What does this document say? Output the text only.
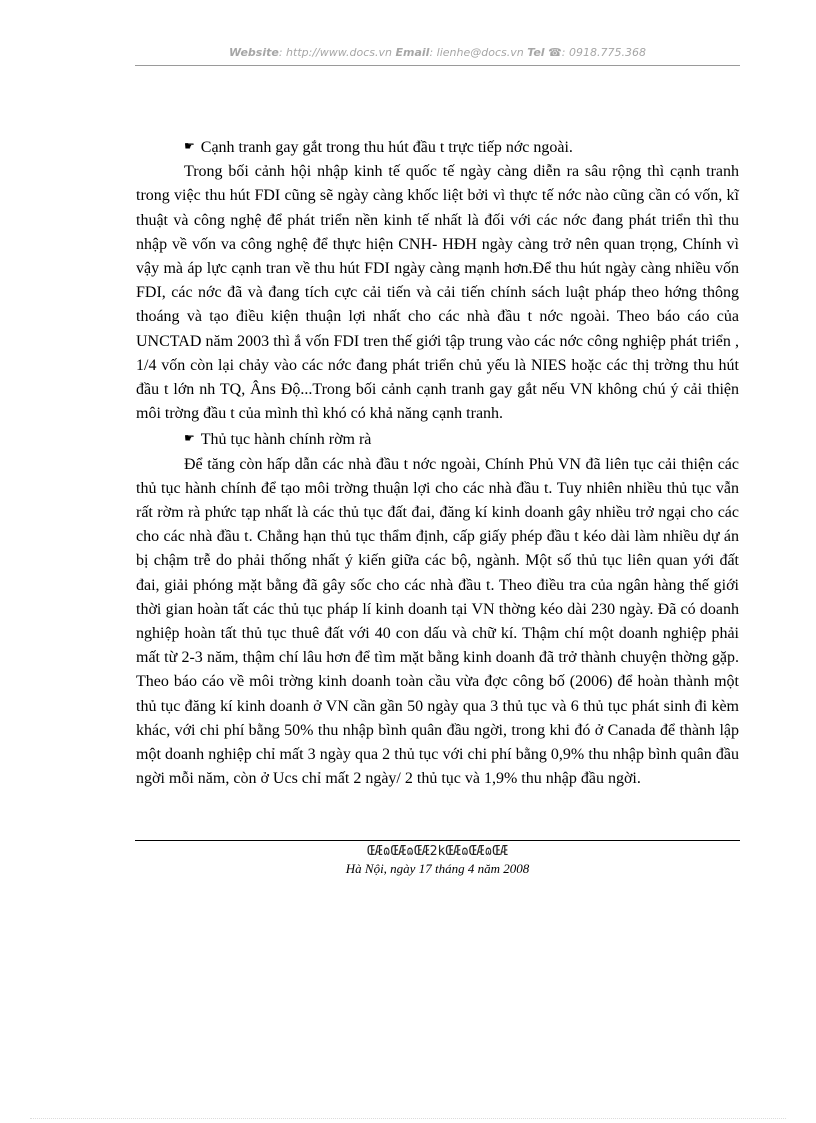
Website: http://www.docs.vn Email: lienhe@docs.vn Tel ☎: 0918.775.368

☛ Cạnh tranh gay gắt trong thu hút đầu t trực tiếp nớc ngoài.

Trong bối cảnh hội nhập kinh tế quốc tế ngày càng diễn ra sâu rộng thì cạnh tranh trong việc thu hút FDI cũng sẽ ngày càng khốc liệt bởi vì thực tế nớc nào cũng cần có vốn, kĩ thuật và công nghệ để phát triển nền kinh tế nhất là đối với các nớc đang phát triển thì thu nhập về vốn va công nghệ để thực hiện CNH- HĐH ngày càng trở nên quan trọng, Chính vì vậy mà áp lực cạnh tran về thu hút FDI ngày càng mạnh hơn.Để thu hút ngày càng nhiều vốn FDI, các nớc đã và đang tích cực cải tiến và cải tiến chính sách luật pháp theo hớng thông thoáng và tạo điều kiện thuận lợi nhất cho các nhà đầu t nớc ngoài. Theo báo cáo của UNCTAD năm 2003 thì ắ vốn FDI tren thế giới tập trung vào các nớc công nghiệp phát triển , 1/4 vốn còn lại chảy vào các nớc đang phát triển chủ yếu là NIES hoặc các thị trờng thu hút đầu t lớn nh TQ, Âns Độ...Trong bối cảnh cạnh tranh gay gắt nếu VN không chú ý cải thiện môi trờng đầu t của mình thì khó có khả năng cạnh tranh.

☛ Thủ tục hành chính rờm rà

Để tăng còn hấp dẫn các nhà đầu t nớc ngoài, Chính Phủ VN đã liên tục cải thiện các thủ tục hành chính để tạo môi trờng thuận lợi cho các nhà đầu t. Tuy nhiên nhiều thủ tục vẫn rất rờm rà phức tạp nhất là các thủ tục đất đai, đăng kí kinh doanh gây nhiều trở ngại cho các cho các nhà đầu t. Chẳng hạn thủ tục thẩm định, cấp giấy phép đầu t kéo dài làm nhiều dự án bị chậm trễ do phải thống nhất ý kiến giữa các bộ, ngành. Một số thủ tục liên quan yới đất đai, giải phóng mặt bằng đã gây sốc cho các nhà đầu t. Theo điều tra của ngân hàng thế giới thời gian hoàn tất các thủ tục pháp lí kinh doanh tại VN thờng kéo dài 230 ngày. Đã có doanh nghiệp hoàn tất thủ tục thuê đất với 40 con dấu và chữ kí. Thậm chí một doanh nghiệp phải mất từ 2-3 năm, thậm chí lâu hơn để tìm mặt bằng kinh doanh đã trở thành chuyện thờng gặp. Theo báo cáo về môi trờng kinh doanh toàn cầu vừa đợc công bố (2006) để hoàn thành một thủ tục đăng kí kinh doanh ở VN cần gần 50 ngày qua 3 thủ tục và 6 thủ tục phát sinh đi kèm khác, với chi phí bằng 50% thu nhập bình quân đầu ngời, trong khi đó ở Canada để thành lập một doanh nghiệp chỉ mất 3 ngày qua 2 thủ tục với chi phí bằng 0,9% thu nhập bình quân đầu ngời mỗi năm, còn ở Ucs chỉ mất 2 ngày/ 2 thủ tục và 1,9% thu nhập đầu ngời.

ŒÆɷŒÆɷŒÆ2kŒÆɷŒÆɷŒÆ
Hà Nội, ngày 17 tháng 4 năm 2008
